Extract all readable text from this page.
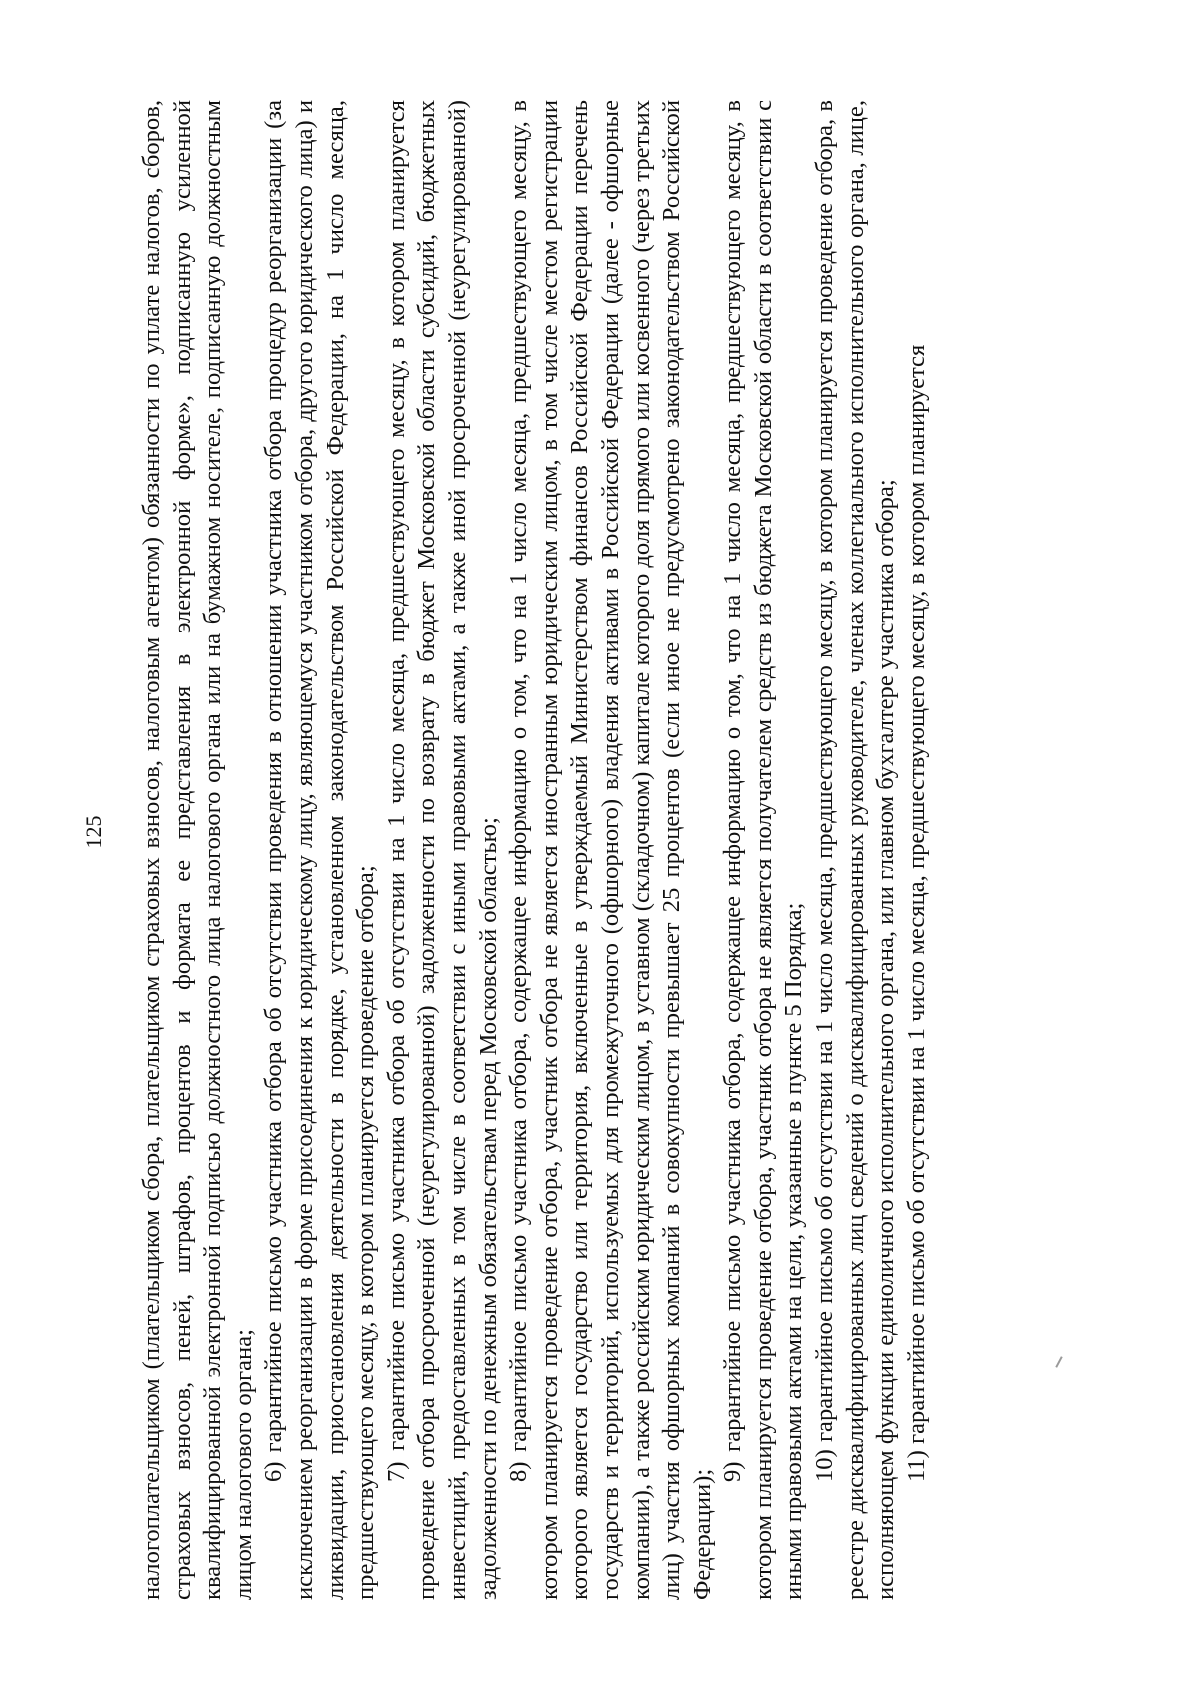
125 налогоплательщиком (плательщиком сбора, плательщиком страховых взносов, налоговым агентом) обязанности по уплате налогов, сборов, страховых взносов, пеней, штрафов, процентов и формата ее представления в электронной форме», подписанную усиленной квалифицированной электронной подписью должностного лица налогового органа или на бумажном носителе, подписанную должностным лицом налогового органа; 6) гарантийное письмо участника отбора об отсутствии проведения в отношении участника отбора процедур реорганизации (за исключением реорганизации в форме присоединения к юридическому лицу, являющемуся участником отбора, другого юридического лица) и ликвидации, приостановления деятельности в порядке, установленном законодательством Российской Федерации, на 1 число месяца, предшествующего месяцу, в котором планируется проведение отбора; 7) гарантийное письмо участника отбора об отсутствии на 1 число месяца, предшествующего месяцу, в котором планируется проведение отбора просроченной (неурегулированной) задолженности по возврату в бюджет Московской области субсидий, бюджетных инвестиций, предоставленных в том числе в соответствии с иными правовыми актами, а также иной просроченной (неурегулированной) задолженности по денежным обязательствам перед Московской областью; 8) гарантийное письмо участника отбора, содержащее информацию о том, что на 1 число месяца, предшествующего месяцу, в котором планируется проведение отбора, участник отбора не является иностранным юридическим лицом, в том числе местом регистрации которого является государство или территория, включенные в утверждаемый Министерством финансов Российской Федерации перечень государств и территорий, используемых для промежуточного (офшорного) владения активами в Российской Федерации (далее - офшорные компании), а также российским юридическим лицом, в уставном (складочном) капитале которого доля прямого или косвенного (через третьих лиц) участия офшорных компаний в совокупности превышает 25 процентов (если иное не предусмотрено законодательством Российской Федерации);

9) гарантийное письмо участника отбора, содержащее информацию о том, что на 1 число месяца, предшествующего месяцу, в котором планируется проведение отбора, участник отбора не является получателем средств из бюджета Московской области в соответствии с иными правовыми актами на цели, указанные в пункте 5 Порядка; 10) гарантийное письмо об отсутствии на 1 число месяца, предшествующего месяцу, в котором планируется проведение отбора, в реестре дисквалифицированных лиц сведений о дисквалифицированных руководителе, членах коллегиального исполнительного органа, лице, исполняющем функции единоличного исполнительного органа, или главном бухгалтере участника отбора; 11) гарантийное письмо об отсутствии на 1 число месяца, предшествующего месяцу, в котором планируется
